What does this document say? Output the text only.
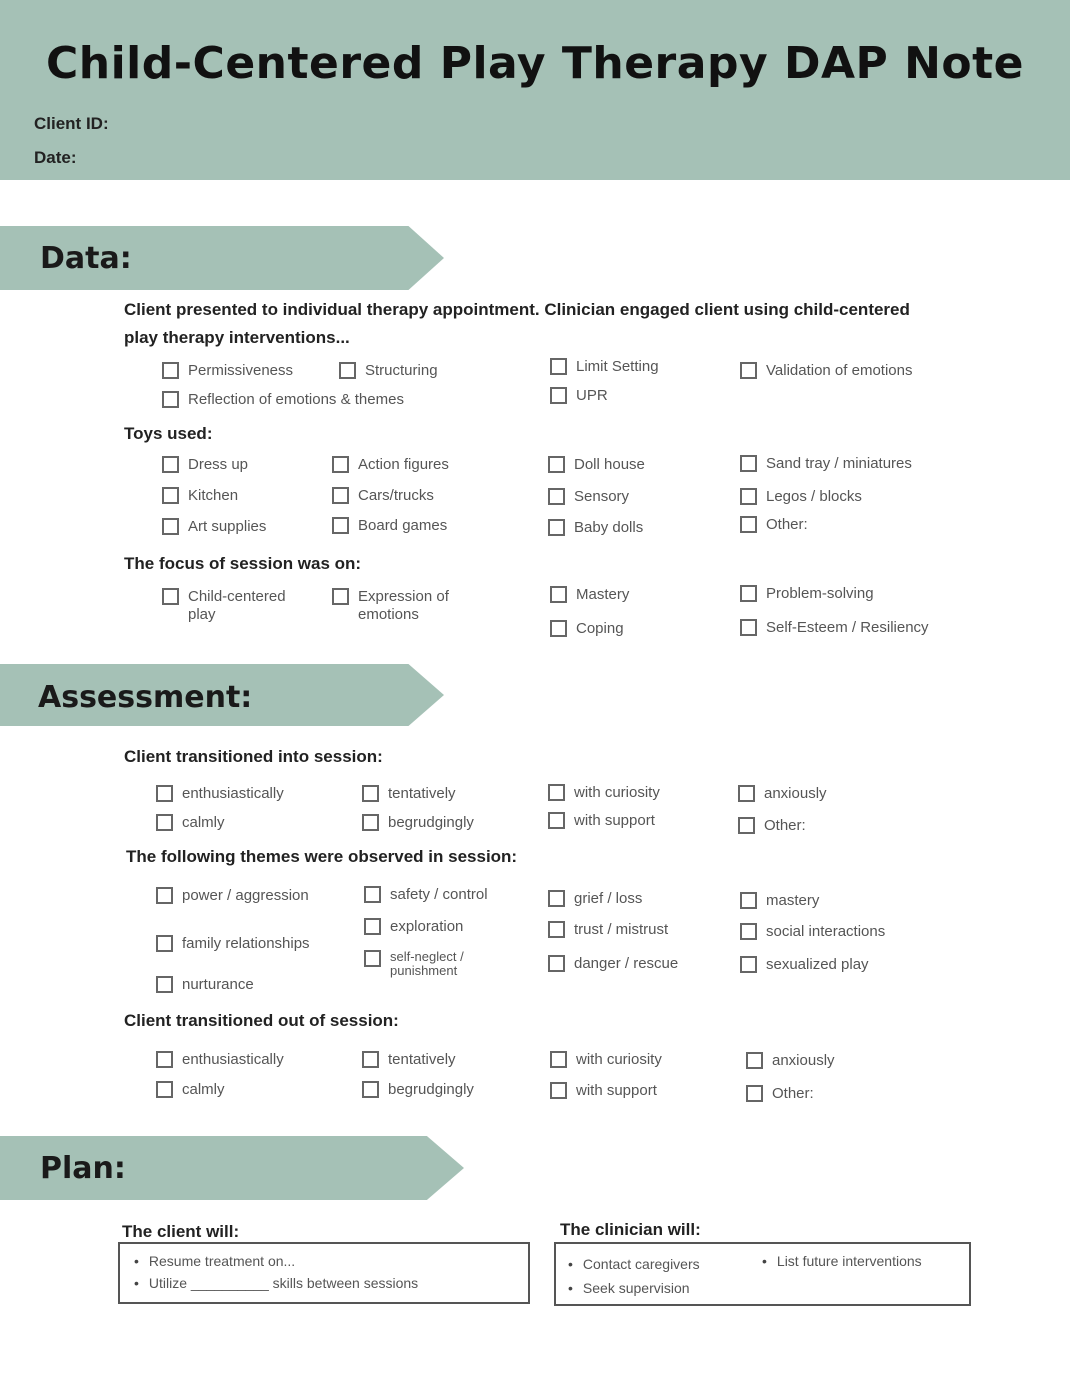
Child-Centered Play Therapy DAP Note
Client ID:
Date:
Data:
Client presented to individual therapy appointment. Clinician engaged client using child-centered play therapy interventions...
Permissiveness	Structuring	Limit Setting	Validation of emotions
Reflection of emotions & themes	UPR
Toys used:
Dress up	Action figures	Doll house	Sand tray / miniatures
Kitchen	Cars/trucks	Sensory	Legos / blocks
Art supplies	Board games	Baby dolls	Other:
The focus of session was on:
Child-centered play
Expression of emotions
Mastery	Problem-solving
Coping	Self-Esteem / Resiliency
Assessment:
Client transitioned into session:
enthusiastically	tentatively	with curiosity	anxiously
calmly	begrudgingly	with support	Other:
The following themes were observed in session:
power / aggression	safety / control	grief / loss	mastery
exploration	trust / mistrust	social interactions
family relationships
self-neglect / punishment	danger / rescue	sexualized play
nurturance
Client transitioned out of session:
enthusiastically	tentatively	with curiosity	anxiously
calmly	begrudgingly	with support	Other:
Plan:
The client will:
• Resume treatment on...
• Utilize __________ skills between sessions
The clinician will:
• Contact caregivers
•	List future interventions
• Seek supervision
